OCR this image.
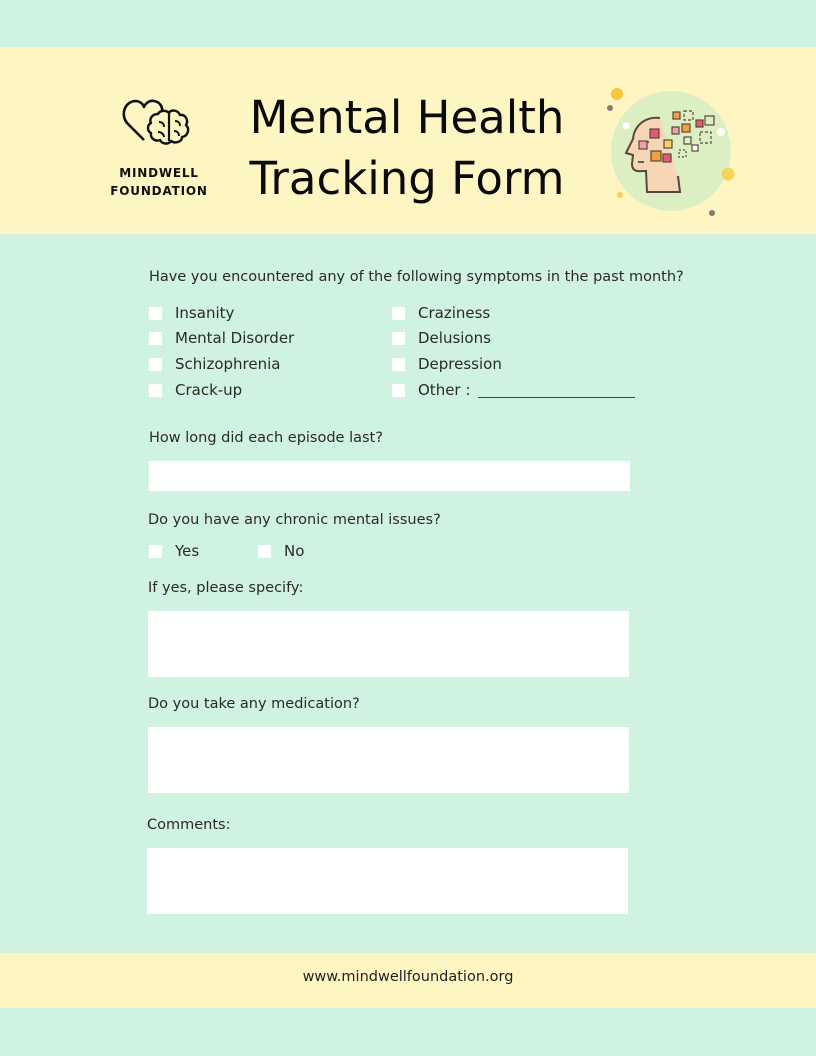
MINDWELL
FOUNDATION
Mental Health
Tracking Form
Have you encountered any of the following symptoms in the past month?
Insanity
Mental Disorder
Schizophrenia
Crack-up
Craziness
Delusions
Depression
Other :
How long did each episode last?
Do you have any chronic mental issues?
Yes	No
If yes, please specify:
Do you take any medication?
Comments:
www.mindwellfoundation.org
